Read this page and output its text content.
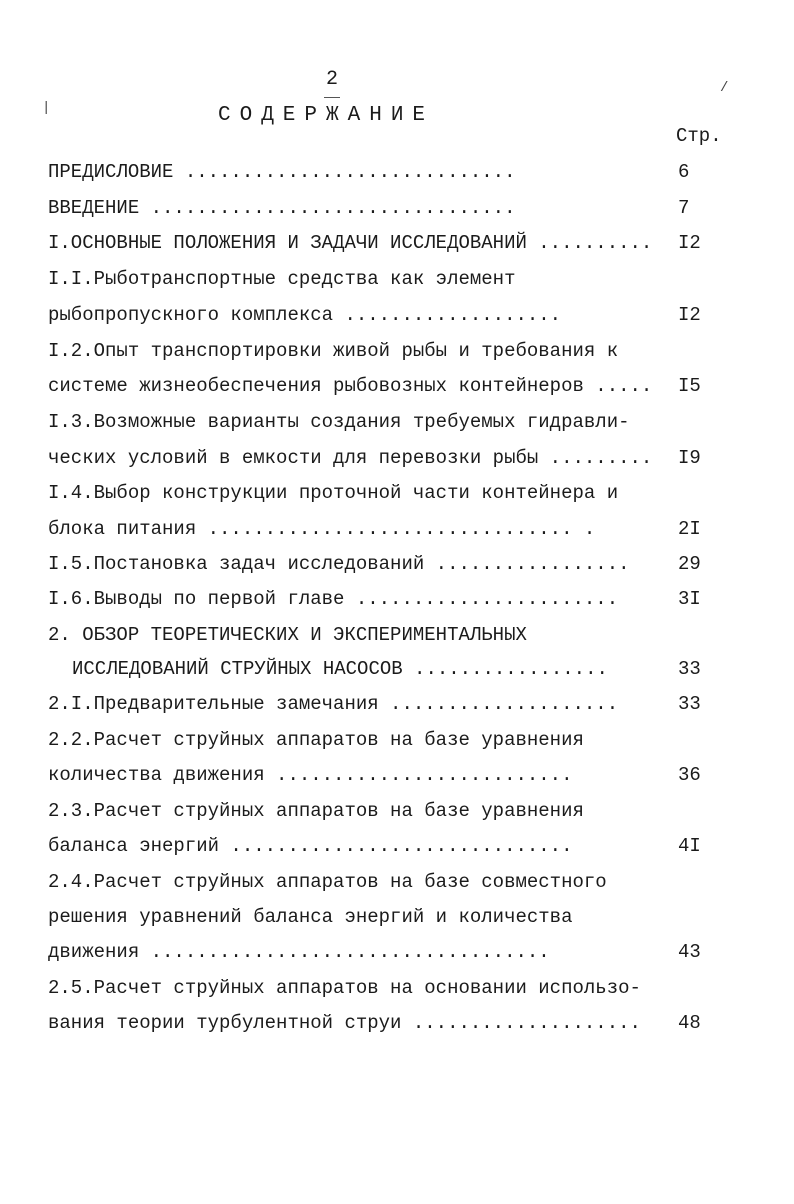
2
СОДЕРЖАНИЕ
Стр.
|
/
ПРЕДИСЛОВИЕ .............................	6
ВВЕДЕНИЕ ................................	7
I.ОСНОВНЫЕ ПОЛОЖЕНИЯ И ЗАДАЧИ ИССЛЕДОВАНИЙ .......... I2
I.I.Рыботранспортные средства как элемент
рыбопропускного комплекса ...................	I2
I.2.Опыт транспортировки живой рыбы и требования к
системе жизнеобеспечения рыбовозных контейнеров ..... I5
I.3.Возможные варианты создания требуемых гидравли-
ческих условий в емкости для перевозки рыбы ......... I9
I.4.Выбор конструкции проточной части контейнера и
блока питания ................................ .	2I
I.5.Постановка задач исследований .................	29
I.6.Выводы по первой главе .......................	3I
2. ОБЗОР ТЕОРЕТИЧЕСКИХ И ЭКСПЕРИМЕНТАЛЬНЫХ
ИССЛЕДОВАНИЙ СТРУЙНЫХ НАСОСОВ .................	33
2.I.Предварительные замечания ....................	33
2.2.Расчет струйных аппаратов на базе уравнения
количества движения ..........................	36
2.3.Расчет струйных аппаратов на базе уравнения
баланса энергий ..............................	4I
2.4.Расчет струйных аппаратов на базе совместного
решения уравнений баланса энергий и количества
движения ...................................	43
2.5.Расчет струйных аппаратов на основании использо-
вания теории турбулентной струи .................... 48
